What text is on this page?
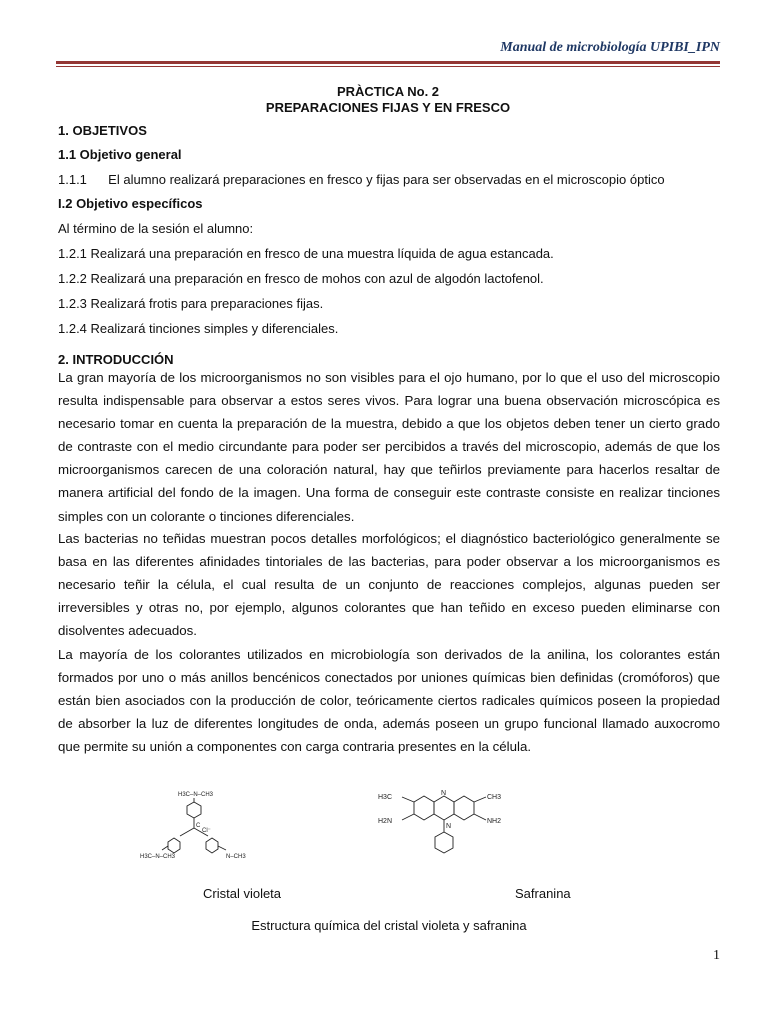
Manual de microbiología UPIBI_IPN
PRÀCTICA No. 2
PREPARACIONES FIJAS Y EN FRESCO
1. OBJETIVOS
1.1 Objetivo general
1.1.1 El alumno realizará preparaciones en fresco y fijas para ser observadas en el microscopio óptico
I.2 Objetivo específicos
Al término de la sesión el alumno:
1.2.1 Realizará una preparación en fresco de una muestra líquida de agua estancada.
1.2.2 Realizará una preparación en fresco de mohos con azul de algodón lactofenol.
1.2.3 Realizará frotis para preparaciones fijas.
1.2.4 Realizará tinciones simples y diferenciales.
2. INTRODUCCIÓN
La gran mayoría de los microorganismos no son visibles para el ojo humano, por lo que el uso del microscopio resulta indispensable para observar a estos seres vivos. Para lograr una buena observación microscópica es necesario tomar en cuenta la preparación de la muestra, debido a que los objetos deben tener un cierto grado de contraste con el medio circundante para poder ser percibidos a través del microscopio, además de que los microorganismos carecen de una coloración natural, hay que teñirlos previamente para hacerlos resaltar de manera artificial del fondo de la imagen. Una forma de conseguir este contraste consiste en realizar tinciones simples con un colorante o tinciones diferenciales.
Las bacterias no teñidas muestran pocos detalles morfológicos; el diagnóstico bacteriológico generalmente se basa en las diferentes afinidades tintoriales de las bacterias, para poder observar a los microorganismos es necesario teñir la célula, el cual resulta de un conjunto de reacciones complejos, algunas pueden ser irreversibles y otras no, por ejemplo, algunos colorantes que han teñido en exceso pueden eliminarse con disolventes adecuados.
La mayoría de los colorantes utilizados en microbiología son derivados de la anilina, los colorantes están formados por uno o más anillos bencénicos conectados por uniones químicas bien definidas (cromóforos) que están bien asociados con la producción de color, teóricamente ciertos radicales químicos poseen la propiedad de absorber la luz de diferentes longitudes de onda, además poseen un grupo funcional llamado auxocromo que permite su unión a componentes con carga contraria presentes en la célula.
H3C–N–CH3
C
Cl⁻
H3C–N–CH3	N–CH3
H3C	CH3
H2N	NH2
N
N
Cristal violeta	Safranina
Estructura química del cristal violeta y safranina
1
